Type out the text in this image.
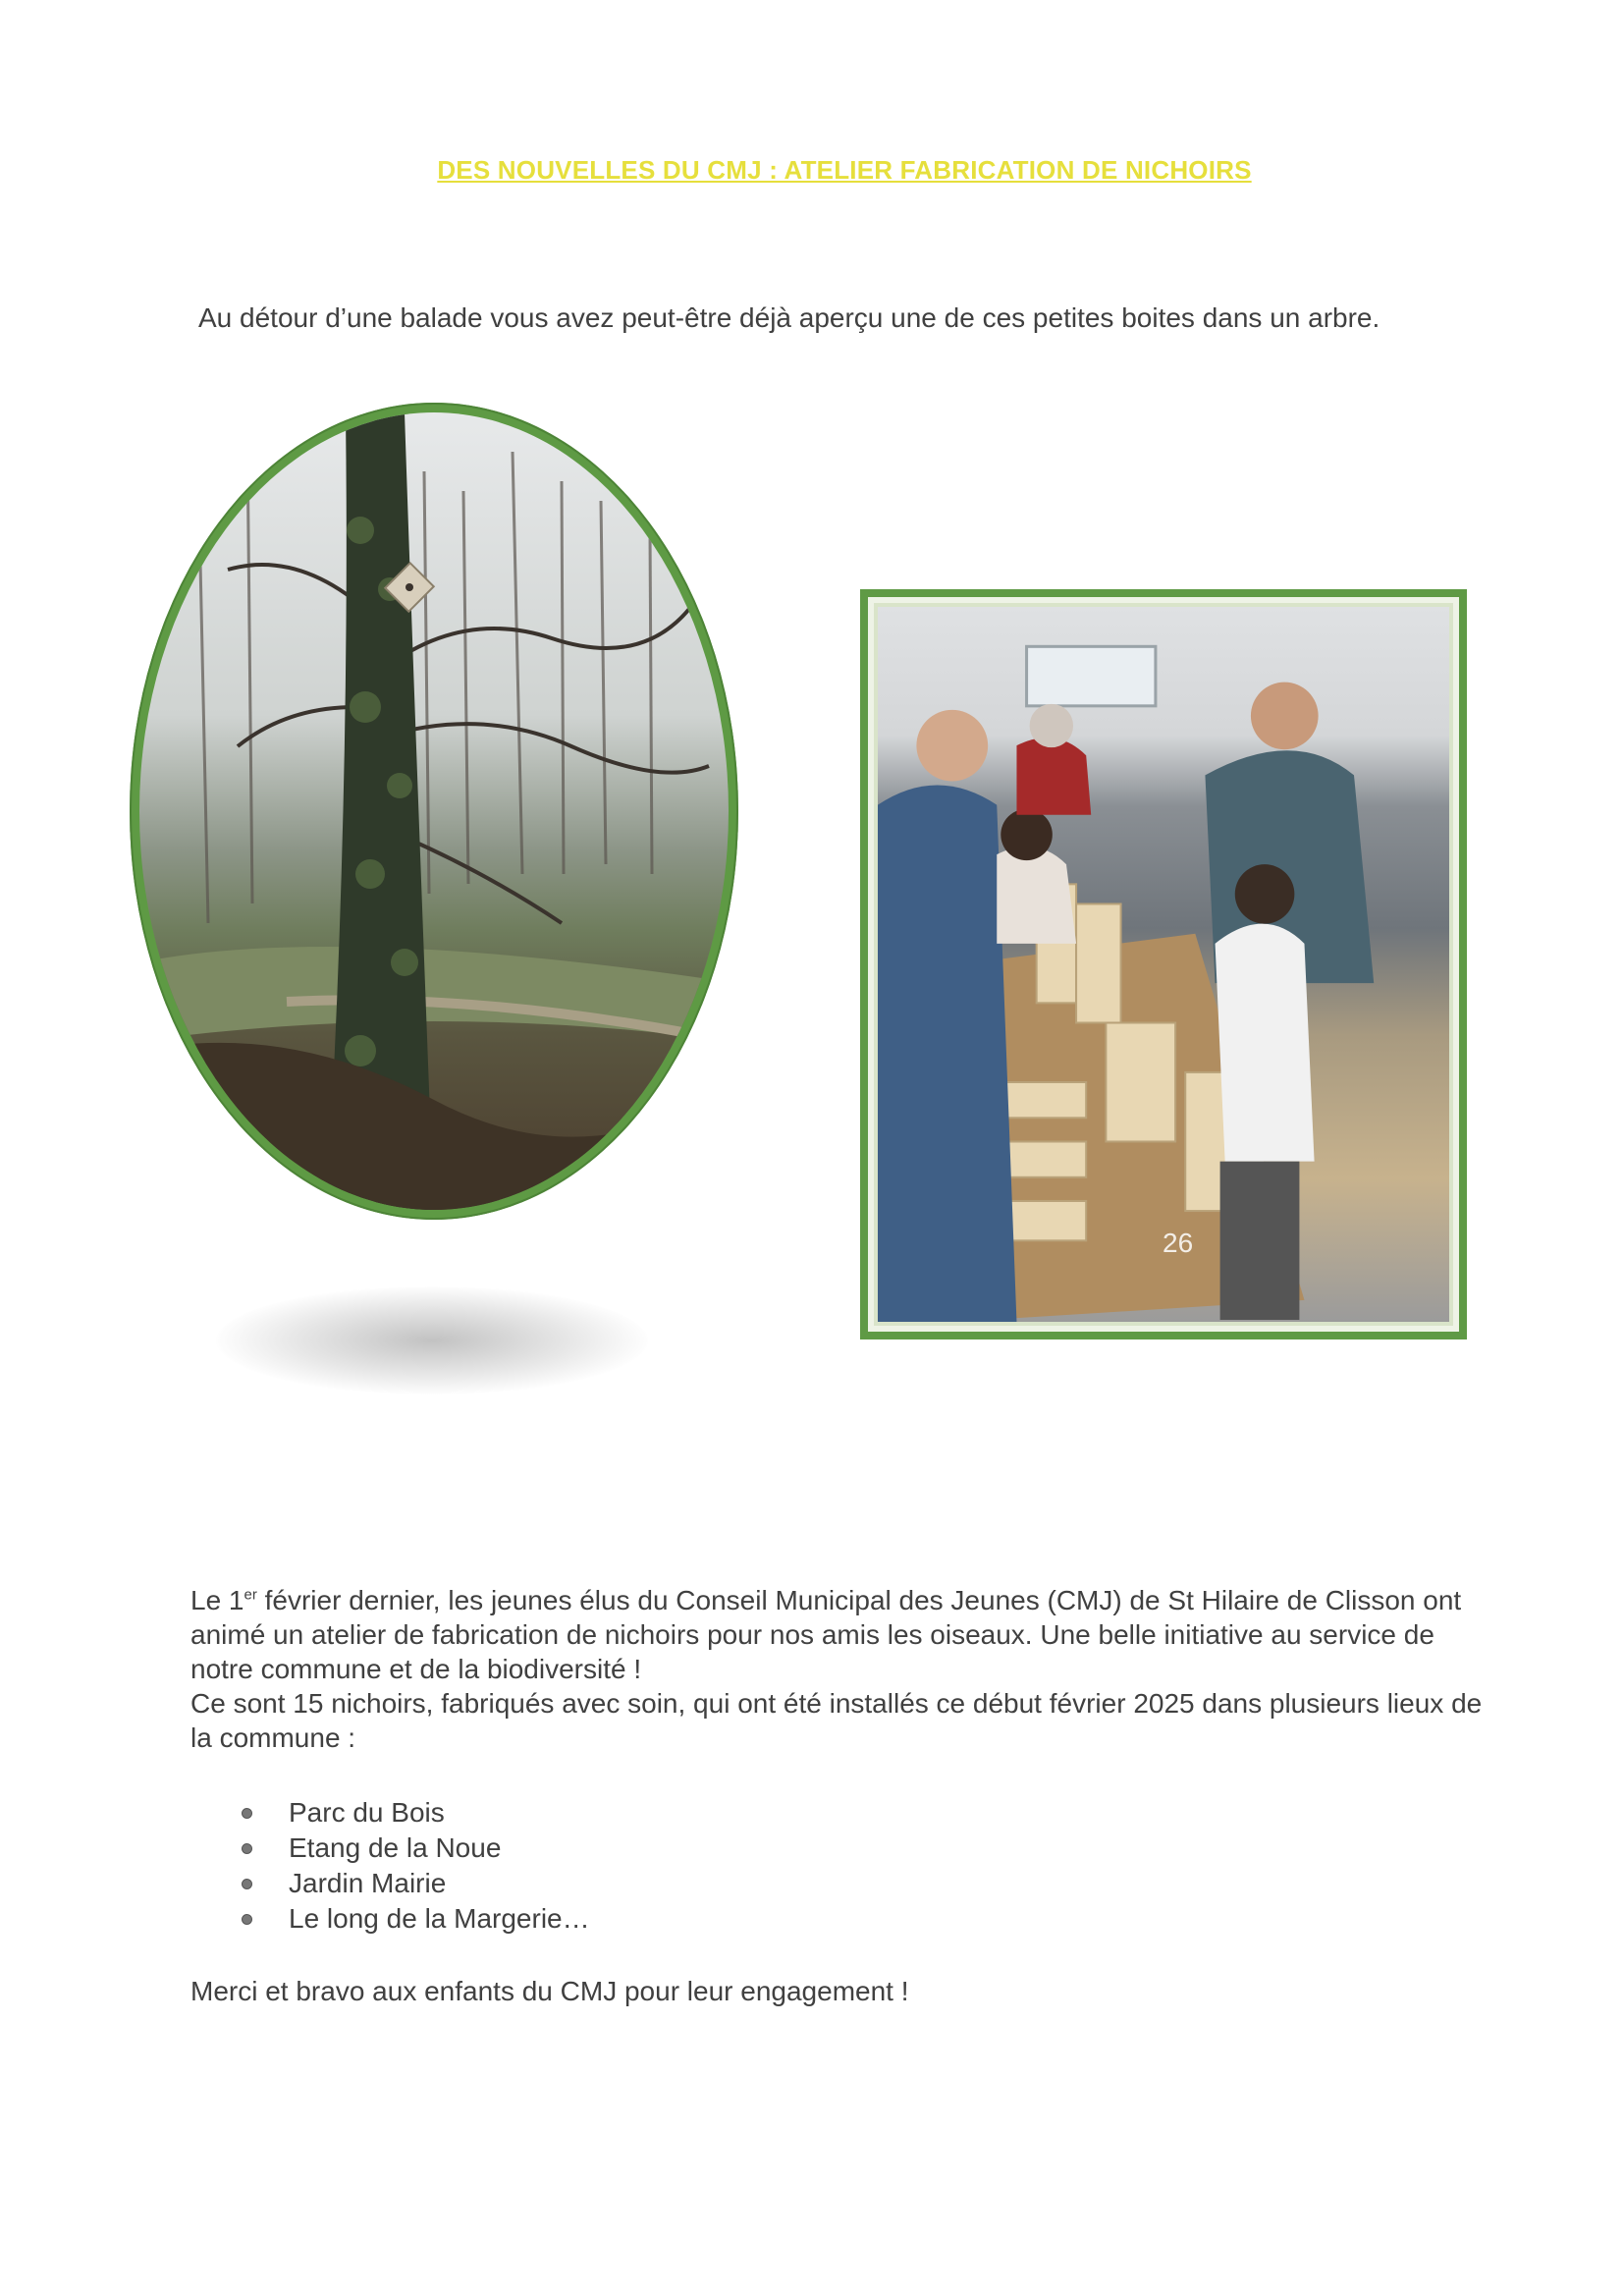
DES NOUVELLES DU CMJ : ATELIER FABRICATION DE NICHOIRS
Au détour d’une balade vous avez peut-être déjà aperçu une de ces petites boites dans un arbre.
26

Le 1er février dernier, les jeunes élus du Conseil Municipal des Jeunes (CMJ) de St Hilaire de Clisson ont animé un atelier de fabrication de nichoirs pour nos amis les oiseaux. Une belle initiative au service de notre commune et de la biodiversité !

Ce sont 15 nichoirs, fabriqués avec soin, qui ont été installés ce début février 2025 dans plusieurs lieux de la commune :

Parc du Bois
Etang de la Noue
Jardin Mairie
Le long de la Margerie…
Merci et bravo aux enfants du CMJ pour leur engagement !
